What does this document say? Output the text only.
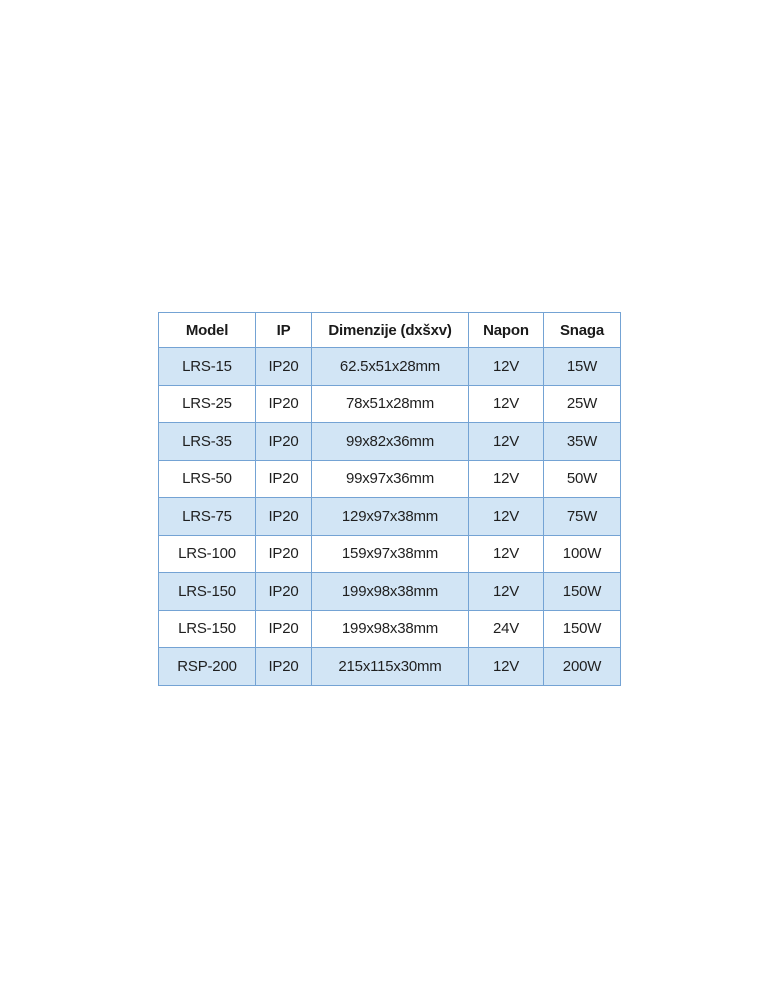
Model	IP	Dimenzije (dxšxv)	Napon	Snaga
LRS-15	IP20	62.5x51x28mm	12V	15W
LRS-25	IP20	78x51x28mm	12V	25W
LRS-35	IP20	99x82x36mm	12V	35W
LRS-50	IP20	99x97x36mm	12V	50W
LRS-75	IP20	129x97x38mm	12V	75W
LRS-100	IP20	159x97x38mm	12V	100W
LRS-150	IP20	199x98x38mm	12V	150W
LRS-150	IP20	199x98x38mm	24V	150W
RSP-200	IP20	215x115x30mm	12V	200W
